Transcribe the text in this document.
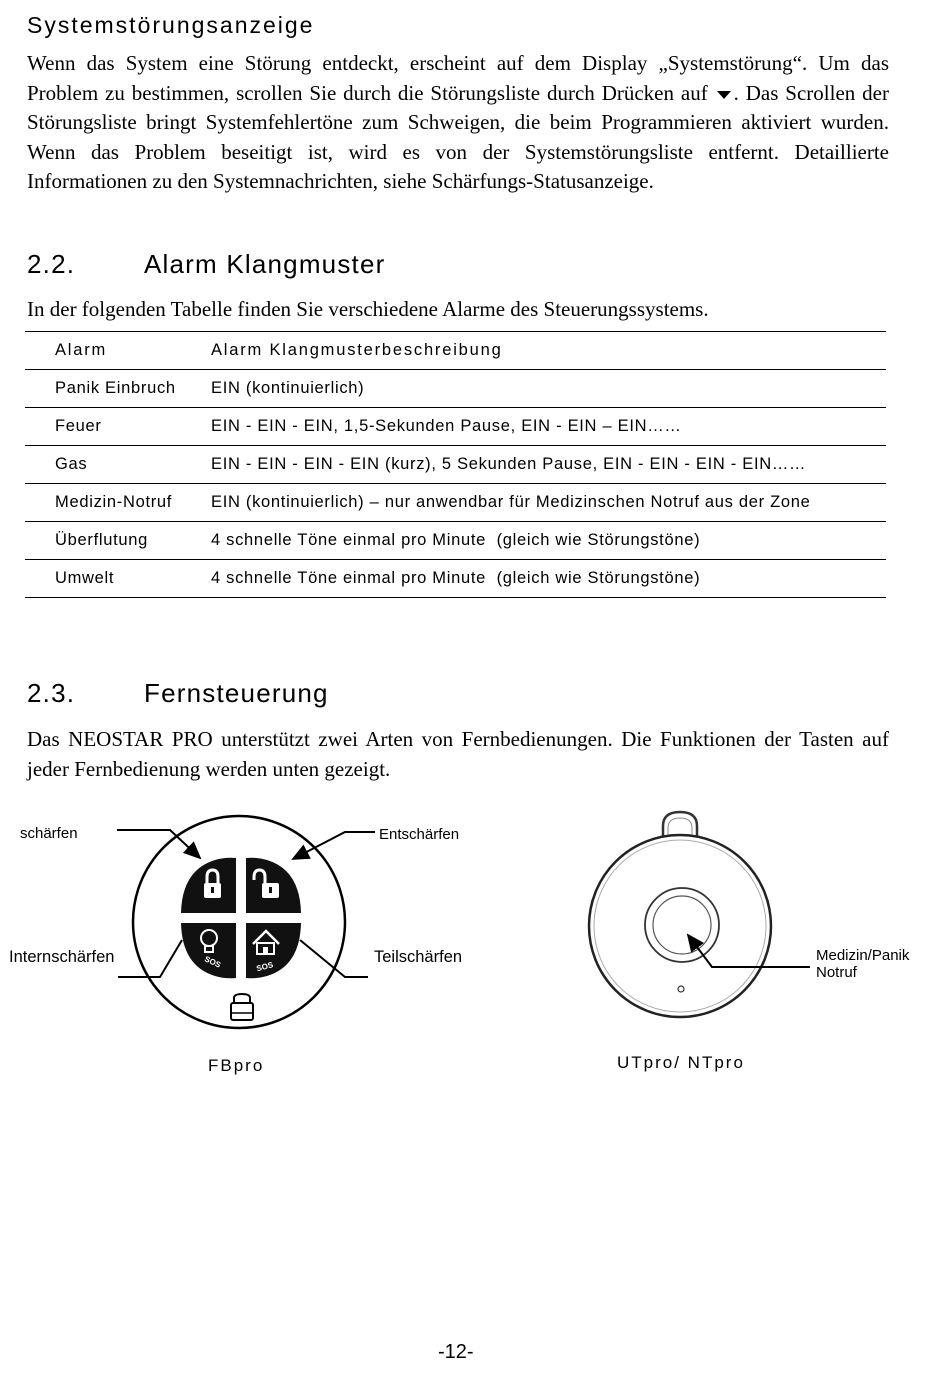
Systemstörungsanzeige
Wenn das System eine Störung entdeckt, erscheint auf dem Display „Systemstörung“. Um das Problem zu bestimmen, scrollen Sie durch die Störungsliste durch Drücken auf . Das Scrollen der Störungsliste bringt Systemfehlertöne zum Schweigen, die beim Programmieren aktiviert wurden. Wenn das Problem beseitigt ist, wird es von der Systemstörungsliste entfernt. Detaillierte Informationen zu den Systemnachrichten, siehe Schärfungs-Statusanzeige.
2.2.	Alarm Klangmuster
In der folgenden Tabelle finden Sie verschiedene Alarme des Steuerungssystems.
Alarm	Alarm Klangmusterbeschreibung
Panik Einbruch	EIN (kontinuierlich)
Feuer	EIN - EIN - EIN, 1,5-Sekunden Pause, EIN - EIN – EIN……
Gas	EIN - EIN - EIN - EIN (kurz), 5 Sekunden Pause, EIN - EIN - EIN - EIN……
Medizin-Notruf	EIN (kontinuierlich) – nur anwendbar für Medizinschen Notruf aus der Zone
Überflutung	4 schnelle Töne einmal pro Minute  (gleich wie Störungstöne)
Umwelt	4 schnelle Töne einmal pro Minute  (gleich wie Störungstöne)
2.3.	Fernsteuerung
Das NEOSTAR PRO unterstützt zwei Arten von Fernbedienungen. Die Funktionen der Tasten auf jeder Fernbedienung werden unten gezeigt.
SOS	SOS
schärfen	Entschärfen
Internschärfen	Teilschärfen	Medizin/Panik
Notruf
FBpro	UTpro/ NTpro
-12-
